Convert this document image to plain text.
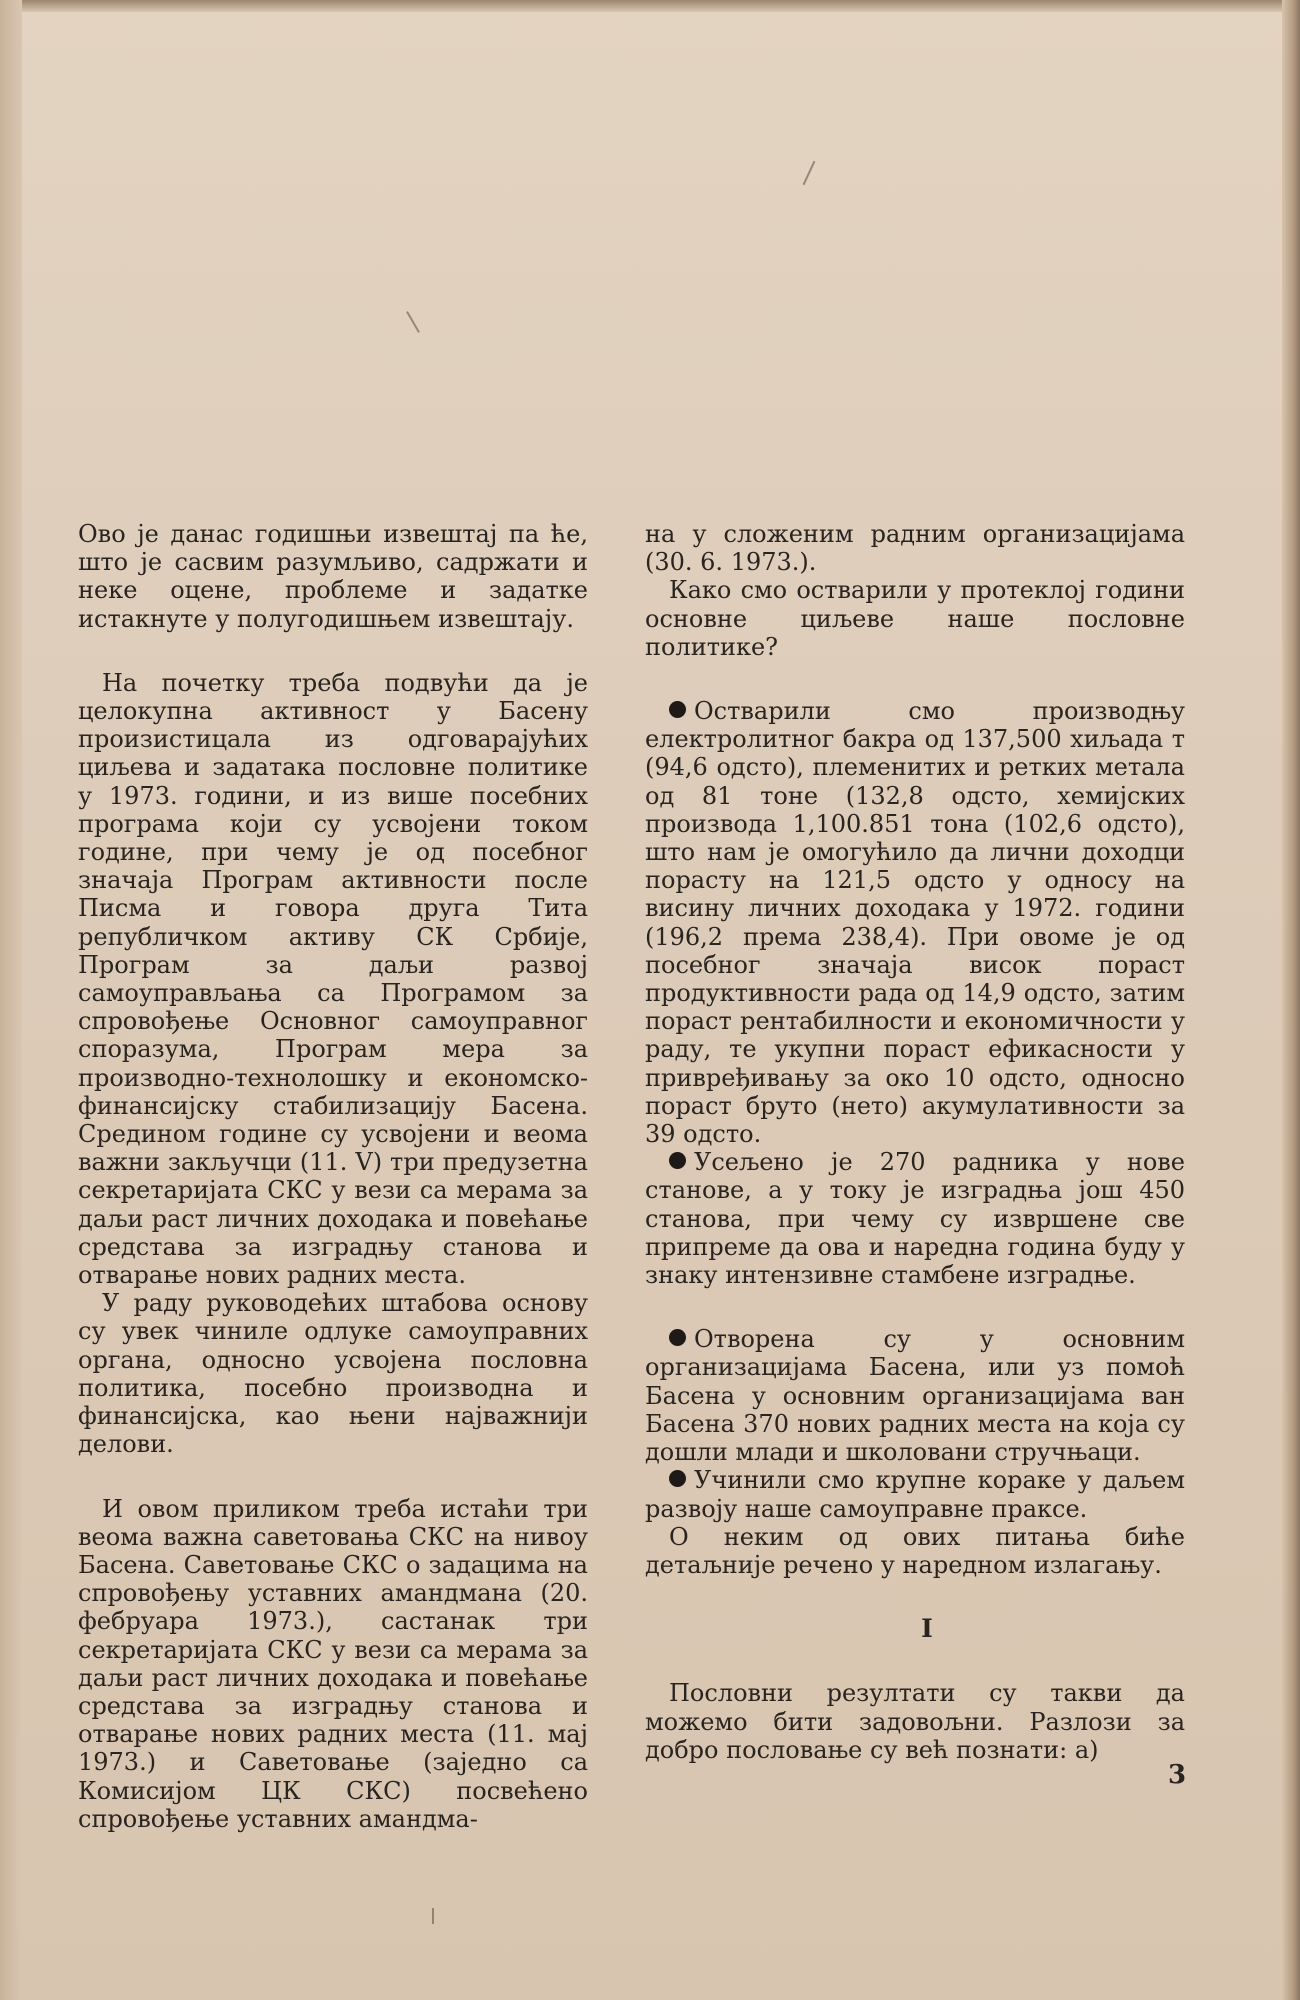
Ово је данас годишњи извештај па ће, што је сасвим разумљиво, садржати и неке оцене, проблеме и задатке истакнуте у полугодишњем извештају.

На почетку треба подвући да је целокупна активност у Басену произистицала из одговарајућих циљева и задатака пословне политике у 1973. години, и из више посебних програма који су усвојени током године, при чему је од посебног значаја Програм активности после Писма и говора друга Тита републичком активу СК Србије, Програм за даљи развој самоуправљања са Програмом за спровођење Основног самоуправног споразума, Програм мера за производно-технолошку и економско-финансијску стабилизацију Басена. Средином године су усвојени и веома важни закључци (11. V) три предузетна секретаријата СКС у вези са мерама за даљи раст личних доходака и повећање средстава за изградњу станова и отварање нових радних места.

У раду руководећих штабова основу су увек чиниле одлуке самоуправних органа, односно усвојена пословна политика, посебно производна и финансијска, као њени најважнији делови.

И овом приликом треба истаћи три веома важна саветовања СКС на нивоу Басена. Саветовање СКС о задацима на спровођењу уставних амандмана (20. фебруара 1973.), састанак три секретаријата СКС у вези са мерама за даљи раст личних доходака и повећање средстава за изградњу станова и отварање нових радних места (11. мај 1973.) и Саветовање (заједно са Комисијом ЦК СКС) посвећено спровођење уставних амандма-

на у сложеним радним организацијама (30. 6. 1973.).

Како смо остварили у протеклој години основне циљеве наше пословне политике?

Остварили смо производњу електролитног бакра од 137,500 хиљада т (94,6 одсто), племенитих и ретких метала од 81 тоне (132,8 одсто, хемијских производа 1,100.851 тона (102,6 одсто), што нам је омогућило да лични доходци порасту на 121,5 одсто у односу на висину личних доходака у 1972. години (196,2 према 238,4). При овоме је од посебног значаја висок пораст продуктивности рада од 14,9 одсто, затим пораст рентабилности и економичности у раду, те укупни пораст ефикасности у привређивању за око 10 одсто, односно пораст бруто (нето) акумулативности за 39 одсто.

Усељено је 270 радника у нове станове, а у току је изградња још 450 станова, при чему су извршене све припреме да ова и наредна година буду у знаку интензивне стамбене изградње.

Отворена су у основним организацијама Басена, или уз помоћ Басена у основним организацијама ван Басена 370 нових радних места на која су дошли млади и школовани стручњаци.

Учинили смо крупне кораке у даљем развоју наше самоуправне праксе.

О неким од ових питања биће детаљније речено у наредном излагању.

I

Пословни резултати су такви да можемо бити задовољни. Разлози за добро пословање су већ познати: а)

3
